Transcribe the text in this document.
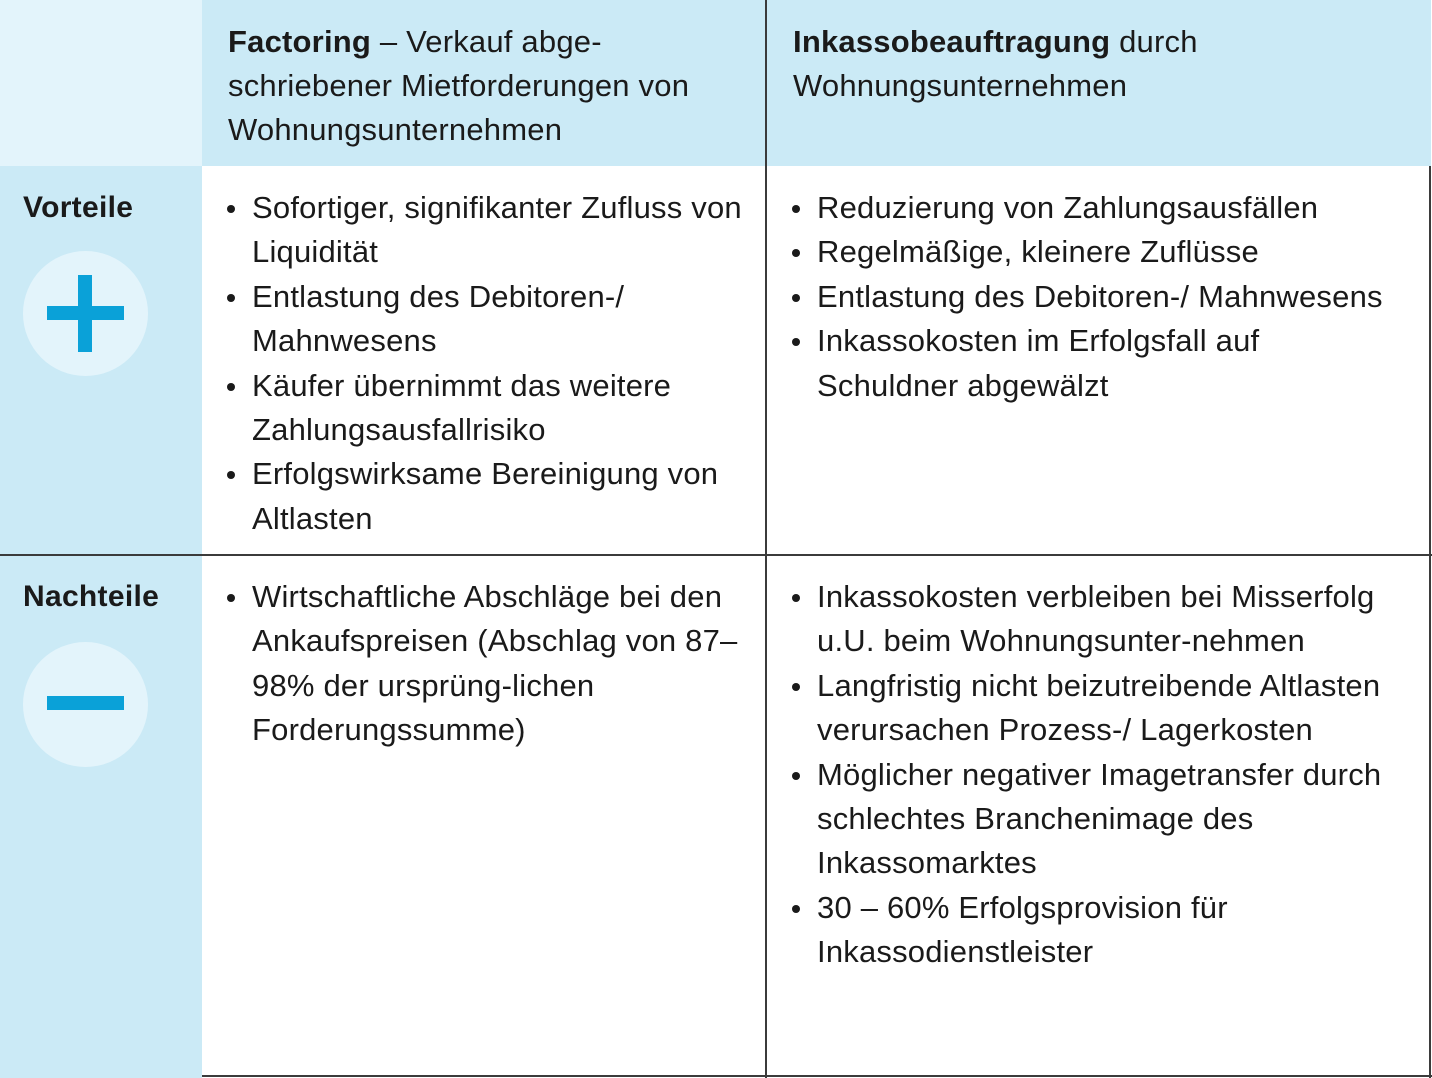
Factoring – Verkauf abge-schriebener Mietforderungen von Wohnungsunternehmen
Inkassobeauftragung durch Wohnungsunternehmen
Vorteile	Sofortiger, signifikanter Zufluss von Liquidität
Entlastung des Debitoren-/ Mahnwesens
Käufer übernimmt das weitere Zahlungsausfallrisiko
Erfolgswirksame Bereinigung von Altlasten
Reduzierung von Zahlungsausfällen
Regelmäßige, kleinere Zuflüsse
Entlastung des Debitoren-/ Mahnwesens
Inkassokosten im Erfolgsfall auf Schuldner abgewälzt
Nachteile	Wirtschaftliche Abschläge bei den Ankaufspreisen (Abschlag von 87–98% der ursprüng-lichen Forderungssumme)
Inkassokosten verbleiben bei Misserfolg u.U. beim Wohnungsunter-nehmen
Langfristig nicht beizutreibende Altlasten verursachen Prozess-/ Lagerkosten
Möglicher negativer Imagetransfer durch schlechtes Branchenimage des Inkassomarktes
30 – 60% Erfolgsprovision für Inkassodienstleister
